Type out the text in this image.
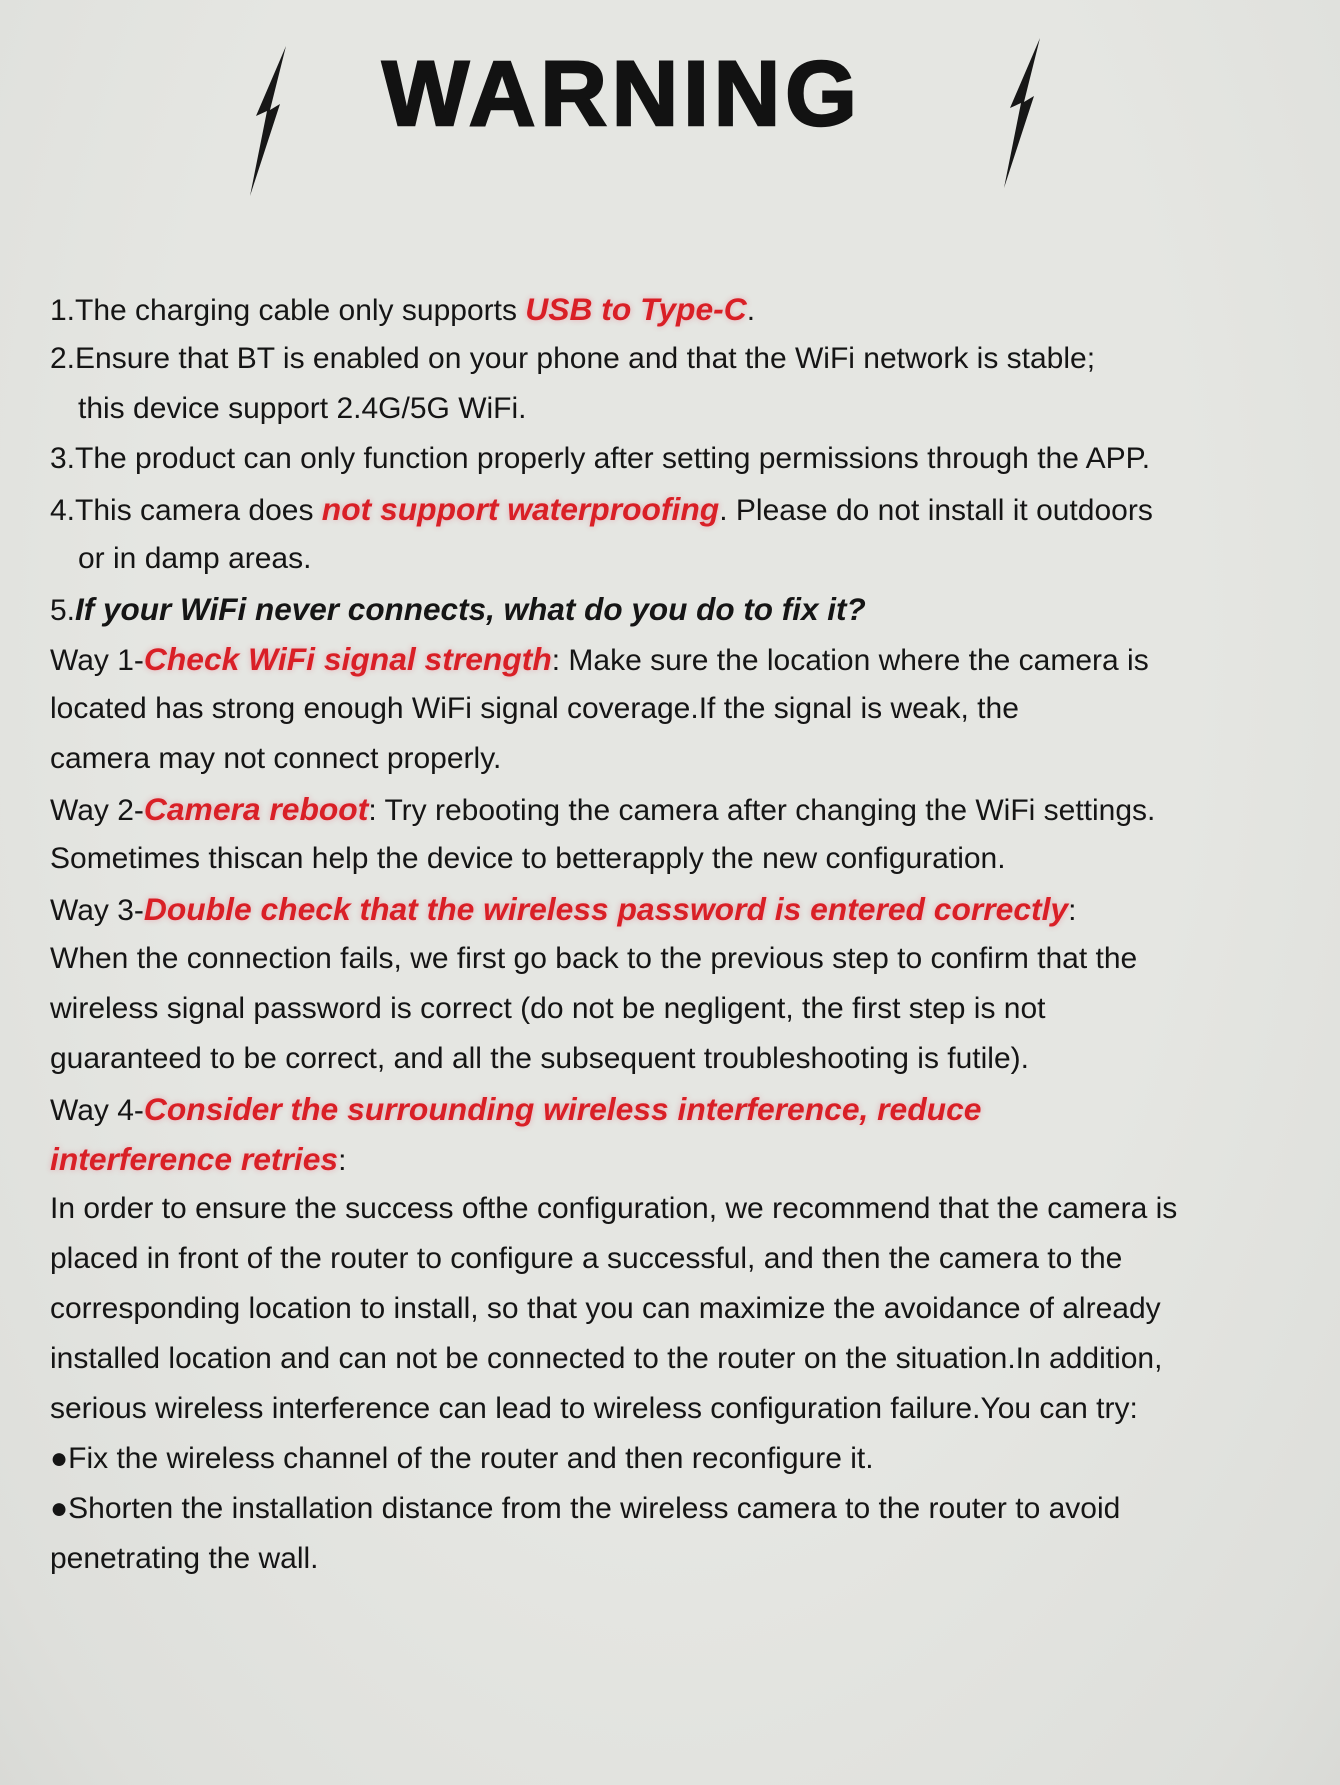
WARNING
1.The charging cable only supports USB to Type-C.
2.Ensure that BT is enabled on your phone and that the WiFi network is stable;
this device support 2.4G/5G WiFi.
3.The product can only function properly after setting permissions through the APP.
4.This camera does not support waterproofing. Please do not install it outdoors
or in damp areas.
5.If your WiFi never connects, what do you do to fix it?
Way 1-Check WiFi signal strength: Make sure the location where the camera is
located has strong enough WiFi signal coverage.If the signal is weak, the
camera may not connect properly.
Way 2-Camera reboot: Try rebooting the camera after changing the WiFi settings.
Sometimes thiscan help the device to betterapply the new configuration.
Way 3-Double check that the wireless password is entered correctly:
When the connection fails, we first go back to the previous step to confirm that the
wireless signal password is correct (do not be negligent, the first step is not
guaranteed to be correct, and all the subsequent troubleshooting is futile).
Way 4-Consider the surrounding wireless interference, reduce
interference retries:
In order to ensure the success ofthe configuration, we recommend that the camera is
placed in front of the router to configure a successful, and then the camera to the
corresponding location to install, so that you can maximize the avoidance of already
installed location and can not be connected to the router on the situation.In addition,
serious wireless interference can lead to wireless configuration failure.You can try:
●Fix the wireless channel of the router and then reconfigure it.
●Shorten the installation distance from the wireless camera to the router to avoid
penetrating the wall.
